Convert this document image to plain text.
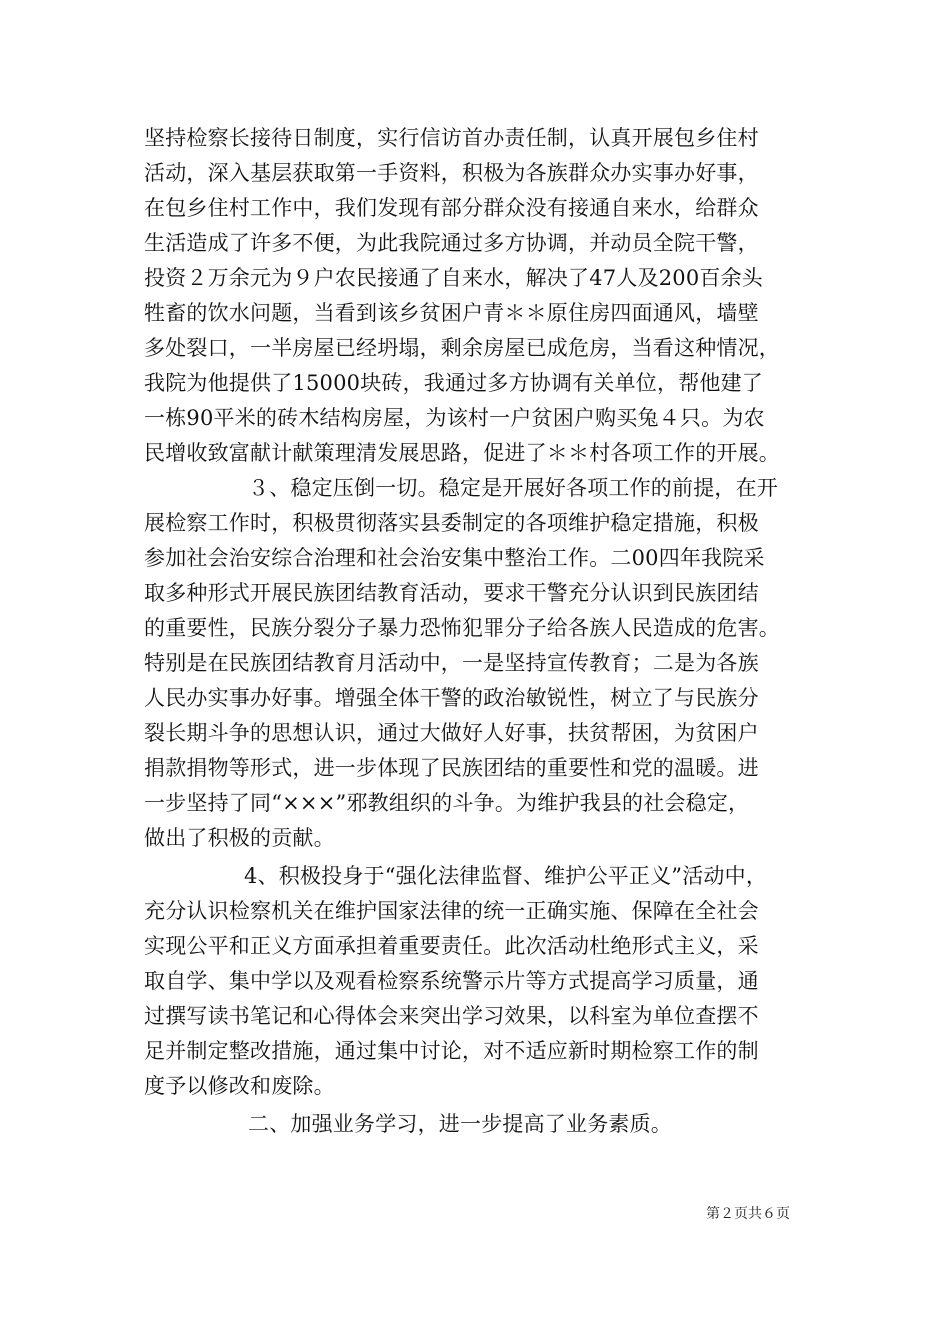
坚持检察长接待日制度，实行信访首办责任制，认真开展包乡住村
活动，深入基层获取第一手资料，积极为各族群众办实事办好事，
在包乡住村工作中，我们发现有部分群众没有接通自来水，给群众
生活造成了许多不便，为此我院通过多方协调，并动员全院干警，
投资２万余元为９户农民接通了自来水，解决了47人及200百余头
牲畜的饮水问题，当看到该乡贫困户青＊＊原住房四面通风，墙壁
多处裂口，一半房屋已经坍塌，剩余房屋已成危房，当看这种情况，
我院为他提供了15000块砖，我通过多方协调有关单位，帮他建了
一栋90平米的砖木结构房屋，为该村一户贫困户购买兔４只。为农
民增收致富献计献策理清发展思路，促进了＊＊村各项工作的开展。
３、稳定压倒一切。稳定是开展好各项工作的前提，在开
展检察工作时，积极贯彻落实县委制定的各项维护稳定措施，积极
参加社会治安综合治理和社会治安集中整治工作。二00四年我院采
取多种形式开展民族团结教育活动，要求干警充分认识到民族团结
的重要性，民族分裂分子暴力恐怖犯罪分子给各族人民造成的危害。
特别是在民族团结教育月活动中，一是坚持宣传教育；二是为各族
人民办实事办好事。增强全体干警的政治敏锐性，树立了与民族分
裂长期斗争的思想认识，通过大做好人好事，扶贫帮困，为贫困户
捐款捐物等形式，进一步体现了民族团结的重要性和党的温暖。进
一步坚持了同“×××”邪教组织的斗争。为维护我县的社会稳定，
做出了积极的贡献。
4、积极投身于“强化法律监督、维护公平正义”活动中，
充分认识检察机关在维护国家法律的统一正确实施、保障在全社会
实现公平和正义方面承担着重要责任。此次活动杜绝形式主义，采
取自学、集中学以及观看检察系统警示片等方式提高学习质量，通
过撰写读书笔记和心得体会来突出学习效果，以科室为单位查摆不
足并制定整改措施，通过集中讨论，对不适应新时期检察工作的制
度予以修改和废除。
二、加强业务学习，进一步提高了业务素质。
第２页共６页
